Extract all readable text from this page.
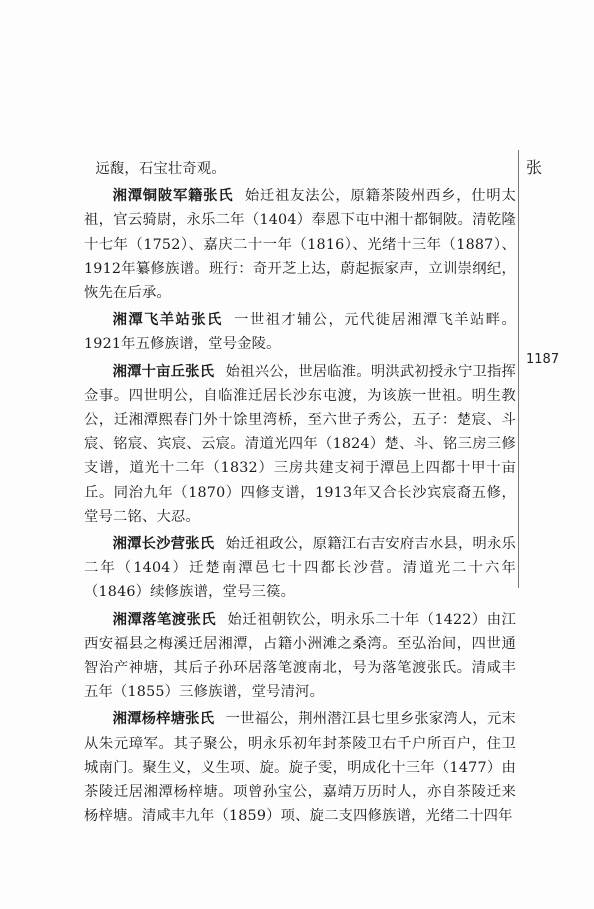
张
1187

远馥，石宝壮奇观。

湘潭铜陂军籍张氏 始迁祖友法公，原籍茶陵州西乡，仕明太祖，官云骑尉，永乐二年（1404）奉恩下屯中湘十都铜陂。清乾隆十七年（1752）、嘉庆二十一年（1816）、光绪十三年（1887）、1912年纂修族谱。班行：奇开芝上达，蔚起振家声，立训崇纲纪，恢先在后承。

湘潭飞羊站张氏 一世祖才辅公，元代徙居湘潭飞羊站畔。1921年五修族谱，堂号金陵。

湘潭十亩丘张氏 始祖兴公，世居临淮。明洪武初授永宁卫指挥佥事。四世明公，自临淮迁居长沙东屯渡，为该族一世祖。明生教公，迁湘潭熙春门外十馀里湾桥，至六世子秀公，五子：楚宸、斗宸、铭宸、宾宸、云宸。清道光四年（1824）楚、斗、铭三房三修支谱，道光十二年（1832）三房共建支祠于潭邑上四都十甲十亩丘。同治九年（1870）四修支谱，1913年又合长沙宾宸裔五修，堂号二铭、大忍。

湘潭长沙营张氏 始迁祖政公，原籍江右吉安府吉水县，明永乐二年（1404）迁楚南潭邑七十四都长沙营。清道光二十六年（1846）续修族谱，堂号三篌。

湘潭落笔渡张氏 始迁祖朝钦公，明永乐二十年（1422）由江西安福县之梅溪迁居湘潭，占籍小洲滩之桑湾。至弘治间，四世通智治产神塘，其后子孙环居落笔渡南北，号为落笔渡张氏。清咸丰五年（1855）三修族谱，堂号清河。

湘潭杨梓塘张氏 一世福公，荆州潜江县七里乡张家湾人，元末从朱元璋军。其子聚公，明永乐初年封茶陵卫右千户所百户，住卫城南门。聚生义，义生项、旋。旋子雯，明成化十三年（1477）由茶陵迁居湘潭杨梓塘。项曾孙宝公，嘉靖万历时人，亦自茶陵迁来杨梓塘。清咸丰九年（1859）项、旋二支四修族谱，光绪二十四年
